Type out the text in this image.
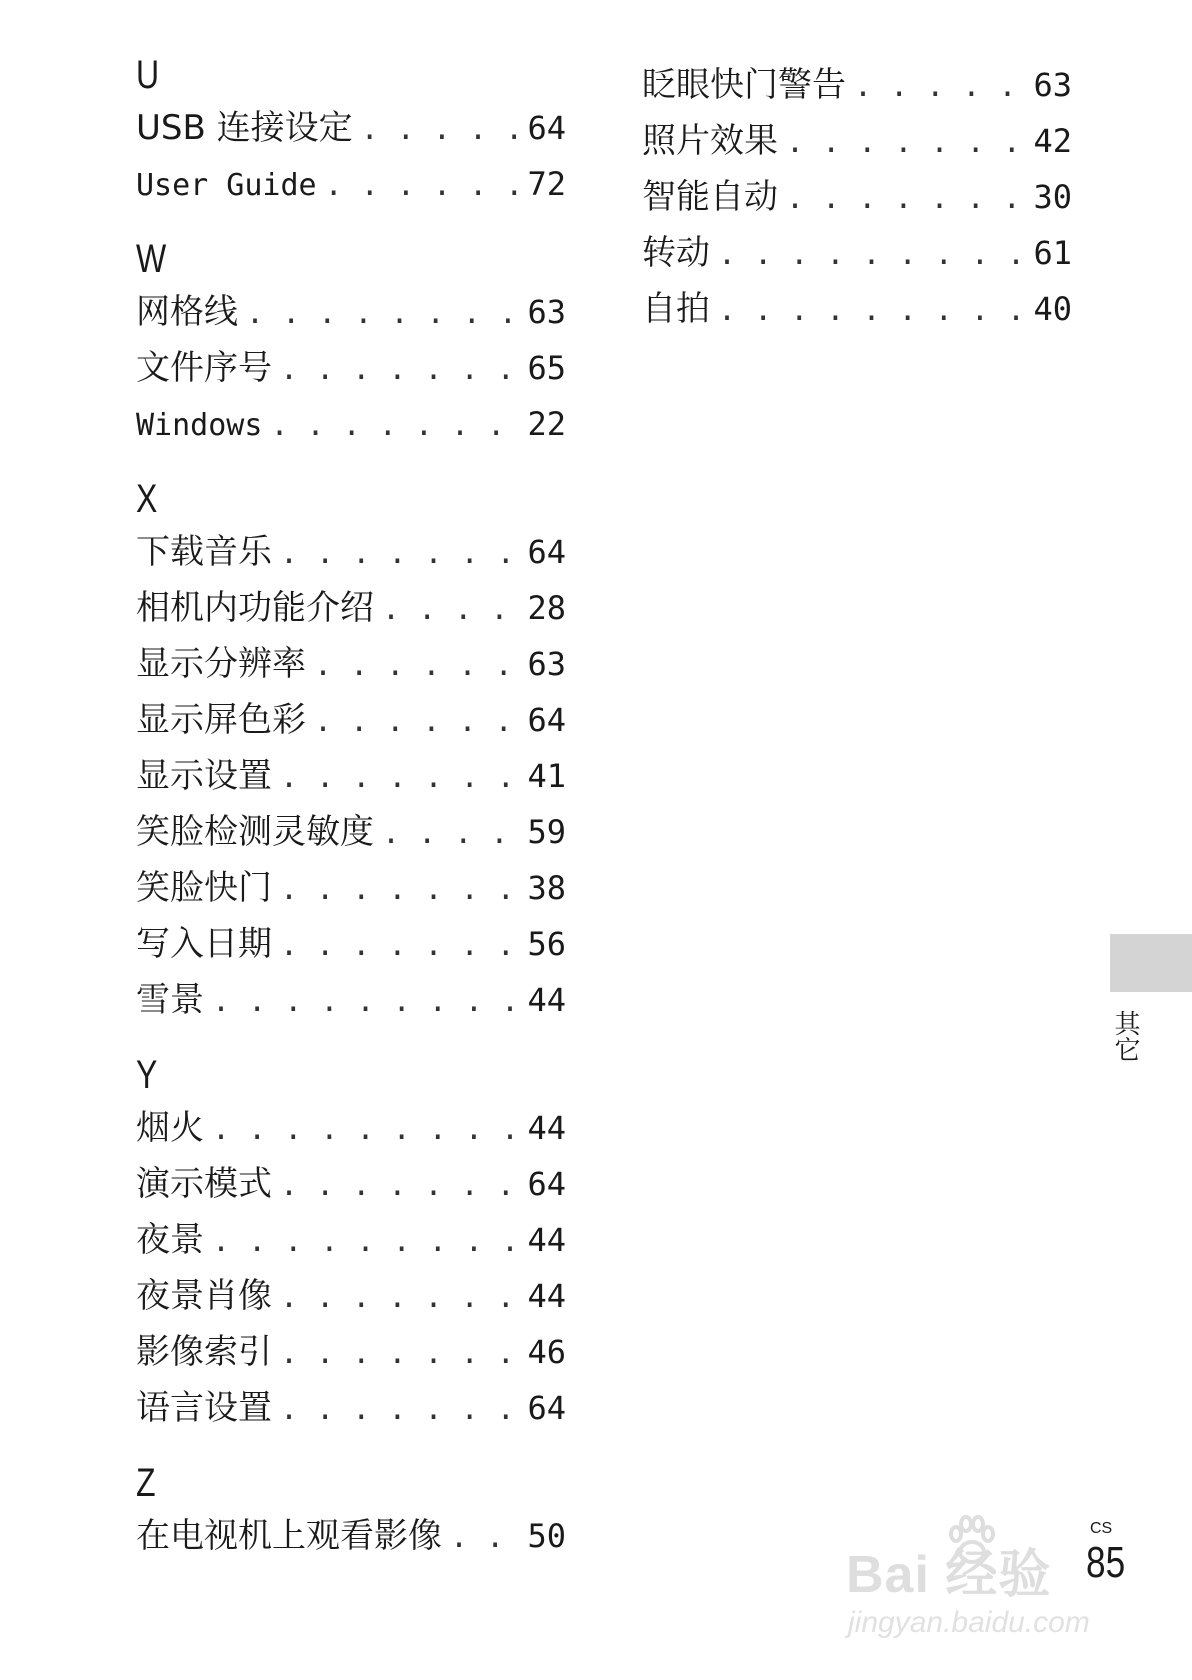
U
USB 连接设定 . . .	64
User Guide . . .	72
W
网格线 . . .	63
文件序号 . . .	65
Windows . . .	22
X
下载音乐 . . .	64
相机内功能介绍 . . .	28
显示分辨率 . . .	63
显示屏色彩 . . .	64
显示设置 . . .	41
笑脸检测灵敏度 . . .	59
笑脸快门 . . .	38
写入日期 . . .	56
雪景 . . .	44
Y
烟火 . . .	44
演示模式 . . .	64
夜景 . . .	44
夜景肖像 . . .	44
影像索引 . . .	46
语言设置 . . .	64
Z
在电视机上观看影像 . . .	50
眨眼快门警告 . . .	63
照片效果 . . .	42
智能自动 . . .	30
转动 . . .	61
自拍 . . .	40
其它
Bai 经验
jingyan.baidu.com
CS
85
